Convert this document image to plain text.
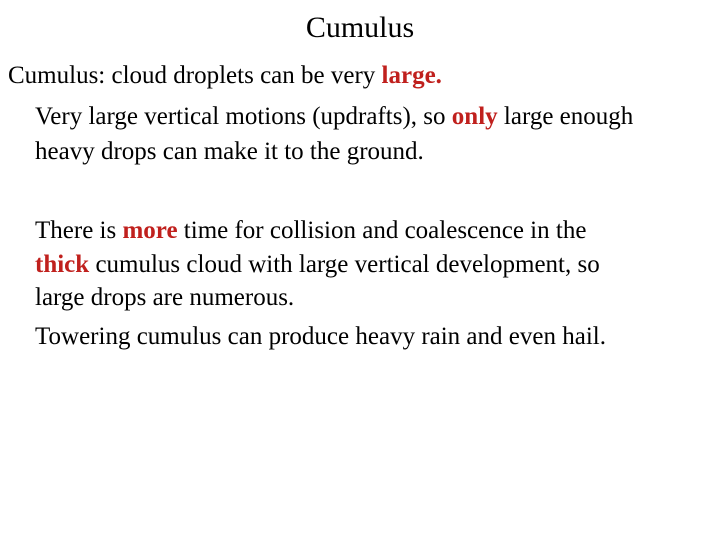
Cumulus
Cumulus: cloud droplets can be very large.
Very large vertical motions (updrafts), so only large enough
heavy drops can make it to the ground.
There is more time for collision and coalescence in the
thick cumulus cloud with large vertical development, so
large drops are numerous.
Towering cumulus can produce heavy rain and even hail.
